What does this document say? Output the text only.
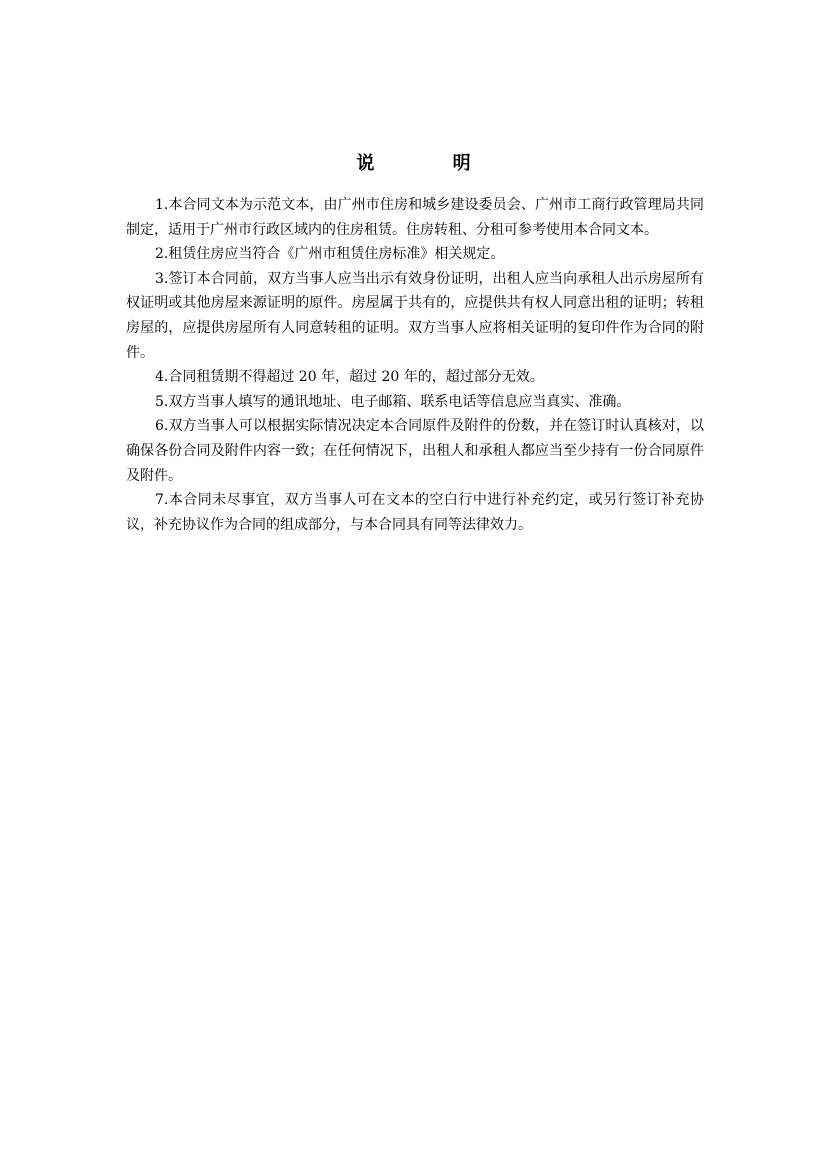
说 明

1.本合同文本为示范文本，由广州市住房和城乡建设委员会、广州市工商行政管理局共同制定，适用于广州市行政区域内的住房租赁。住房转租、分租可参考使用本合同文本。

2.租赁住房应当符合《广州市租赁住房标准》相关规定。

3.签订本合同前，双方当事人应当出示有效身份证明，出租人应当向承租人出示房屋所有权证明或其他房屋来源证明的原件。房屋属于共有的，应提供共有权人同意出租的证明；转租房屋的，应提供房屋所有人同意转租的证明。双方当事人应将相关证明的复印件作为合同的附件。

4.合同租赁期不得超过 20 年，超过 20 年的，超过部分无效。

5.双方当事人填写的通讯地址、电子邮箱、联系电话等信息应当真实、准确。

6.双方当事人可以根据实际情况决定本合同原件及附件的份数，并在签订时认真核对，以确保各份合同及附件内容一致；在任何情况下，出租人和承租人都应当至少持有一份合同原件及附件。

7.本合同未尽事宜，双方当事人可在文本的空白行中进行补充约定，或另行签订补充协议，补充协议作为合同的组成部分，与本合同具有同等法律效力。
